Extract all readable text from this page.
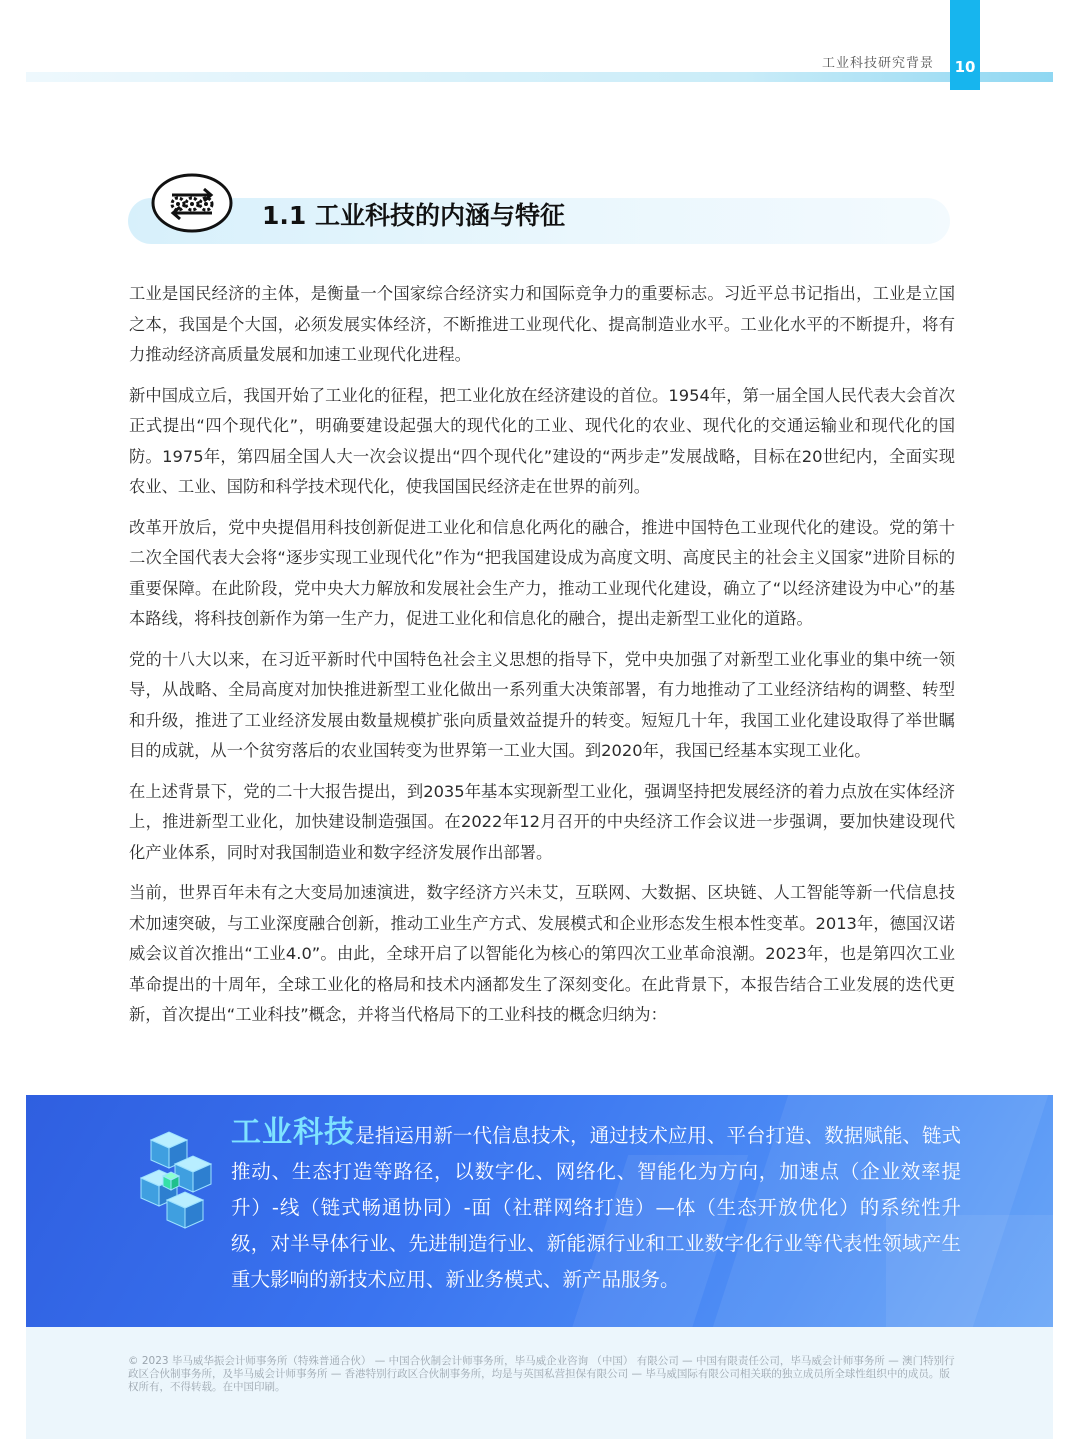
工业科技研究背景	10
1.1 工业科技的内涵与特征

工业是国民经济的主体，是衡量一个国家综合经济实力和国际竞争力的重要标志。习近平总书记指出，工业是立国之本，我国是个大国，必须发展实体经济，不断推进工业现代化、提高制造业水平。工业化水平的不断提升，将有力推动经济高质量发展和加速工业现代化进程。

新中国成立后，我国开始了工业化的征程，把工业化放在经济建设的首位。1954年，第一届全国人民代表大会首次正式提出“四个现代化”，明确要建设起强大的现代化的工业、现代化的农业、现代化的交通运输业和现代化的国防。1975年，第四届全国人大一次会议提出“四个现代化”建设的“两步走”发展战略，目标在20世纪内，全面实现农业、工业、国防和科学技术现代化，使我国国民经济走在世界的前列。

改革开放后，党中央提倡用科技创新促进工业化和信息化两化的融合，推进中国特色工业现代化的建设。党的第十二次全国代表大会将“逐步实现工业现代化”作为“把我国建设成为高度文明、高度民主的社会主义国家”进阶目标的重要保障。在此阶段，党中央大力解放和发展社会生产力，推动工业现代化建设，确立了“以经济建设为中心”的基本路线，将科技创新作为第一生产力，促进工业化和信息化的融合，提出走新型工业化的道路。

党的十八大以来，在习近平新时代中国特色社会主义思想的指导下，党中央加强了对新型工业化事业的集中统一领导，从战略、全局高度对加快推进新型工业化做出一系列重大决策部署，有力地推动了工业经济结构的调整、转型和升级，推进了工业经济发展由数量规模扩张向质量效益提升的转变。短短几十年，我国工业化建设取得了举世瞩目的成就，从一个贫穷落后的农业国转变为世界第一工业大国。到2020年，我国已经基本实现工业化。

在上述背景下，党的二十大报告提出，到2035年基本实现新型工业化，强调坚持把发展经济的着力点放在实体经济上，推进新型工业化，加快建设制造强国。在2022年12月召开的中央经济工作会议进一步强调，要加快建设现代化产业体系，同时对我国制造业和数字经济发展作出部署。

当前，世界百年未有之大变局加速演进，数字经济方兴未艾，互联网、大数据、区块链、人工智能等新一代信息技术加速突破，与工业深度融合创新，推动工业生产方式、发展模式和企业形态发生根本性变革。2013年，德国汉诺威会议首次推出“工业4.0”。由此，全球开启了以智能化为核心的第四次工业革命浪潮。2023年，也是第四次工业革命提出的十周年，全球工业化的格局和技术内涵都发生了深刻变化。在此背景下，本报告结合工业发展的迭代更新，首次提出“工业科技”概念，并将当代格局下的工业科技的概念归纳为：

工业科技是指运用新一代信息技术，通过技术应用、平台打造、数据赋能、链式推动、生态打造等路径，以数字化、网络化、智能化为方向，加速点（企业效率提升）-线（链式畅通协同）-面（社群网络打造）—体（生态开放优化）的系统性升级，对半导体行业、先进制造行业、新能源行业和工业数字化行业等代表性领域产生重大影响的新技术应用、新业务模式、新产品服务。
© 2023 毕马威华振会计师事务所（特殊普通合伙） — 中国合伙制会计师事务所，毕马威企业咨询 （中国） 有限公司 — 中国有限责任公司，毕马威会计师事务所 — 澳门特别行政区合伙制事务所，及毕马威会计师事务所 — 香港特别行政区合伙制事务所，均是与英国私营担保有限公司 — 毕马威国际有限公司相关联的独立成员所全球性组织中的成员。版权所有，不得转载。在中国印刷。
